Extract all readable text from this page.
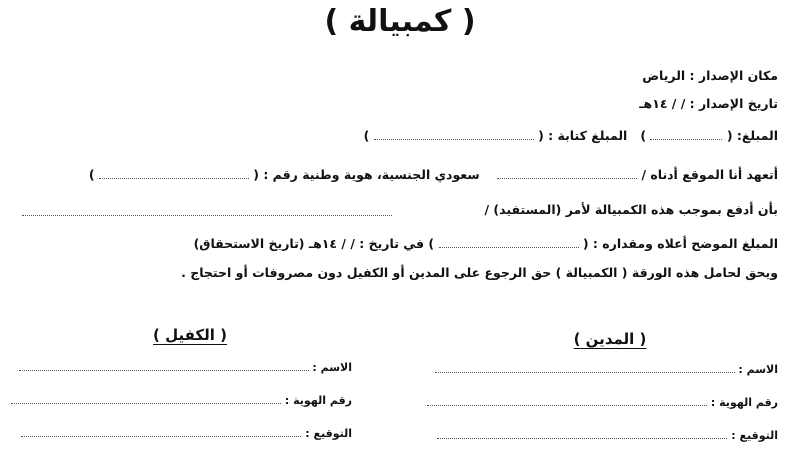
( كمبيالة )
مكان الإصدار : الرياض
تاريخ الإصدار : / / ١٤هـ
المبلغ: (  )   المبلغ كتابة : (  )
أتعهد أنا الموقع أدناه /     سعودي الجنسية، هوية وطنية رقم : (  )
بأن أدفع بموجب هذه الكمبيالة لأمر (المستفيد) /
المبلغ الموضح أعلاه ومقداره : (  ) في تاريخ : / / ١٤هـ (تاريخ الاستحقاق)
ويحق لحامل هذه الورقة ( الكمبيالة ) حق الرجوع على المدين أو الكفيل دون مصروفات أو احتجاج .
( المدين )
الاسم :
رقم الهوية :
التوقيع :
( الكفيل )
الاسم :
رقم الهوية :
التوقيع :
